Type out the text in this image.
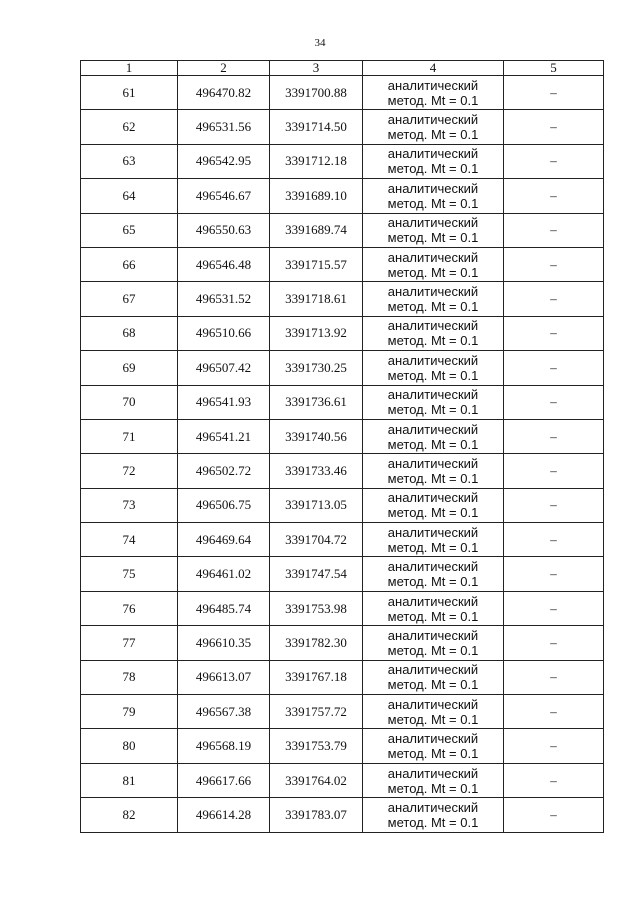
34
1	2	3	4	5
61	496470.82	3391700.88	аналитический
метод. Mt = 0.1	–
62	496531.56	3391714.50	аналитический
метод. Mt = 0.1	–
63	496542.95	3391712.18	аналитический
метод. Mt = 0.1	–
64	496546.67	3391689.10	аналитический
метод. Mt = 0.1	–
65	496550.63	3391689.74	аналитический
метод. Mt = 0.1	–
66	496546.48	3391715.57	аналитический
метод. Mt = 0.1	–
67	496531.52	3391718.61	аналитический
метод. Mt = 0.1	–
68	496510.66	3391713.92	аналитический
метод. Mt = 0.1	–
69	496507.42	3391730.25	аналитический
метод. Mt = 0.1	–
70	496541.93	3391736.61	аналитический
метод. Mt = 0.1	–
71	496541.21	3391740.56	аналитический
метод. Mt = 0.1	–
72	496502.72	3391733.46	аналитический
метод. Mt = 0.1	–
73	496506.75	3391713.05	аналитический
метод. Mt = 0.1	–
74	496469.64	3391704.72	аналитический
метод. Mt = 0.1	–
75	496461.02	3391747.54	аналитический
метод. Mt = 0.1	–
76	496485.74	3391753.98	аналитический
метод. Mt = 0.1	–
77	496610.35	3391782.30	аналитический
метод. Mt = 0.1	–
78	496613.07	3391767.18	аналитический
метод. Mt = 0.1	–
79	496567.38	3391757.72	аналитический
метод. Mt = 0.1	–
80	496568.19	3391753.79	аналитический
метод. Mt = 0.1	–
81	496617.66	3391764.02	аналитический
метод. Mt = 0.1	–
82	496614.28	3391783.07	аналитический
метод. Mt = 0.1	–
